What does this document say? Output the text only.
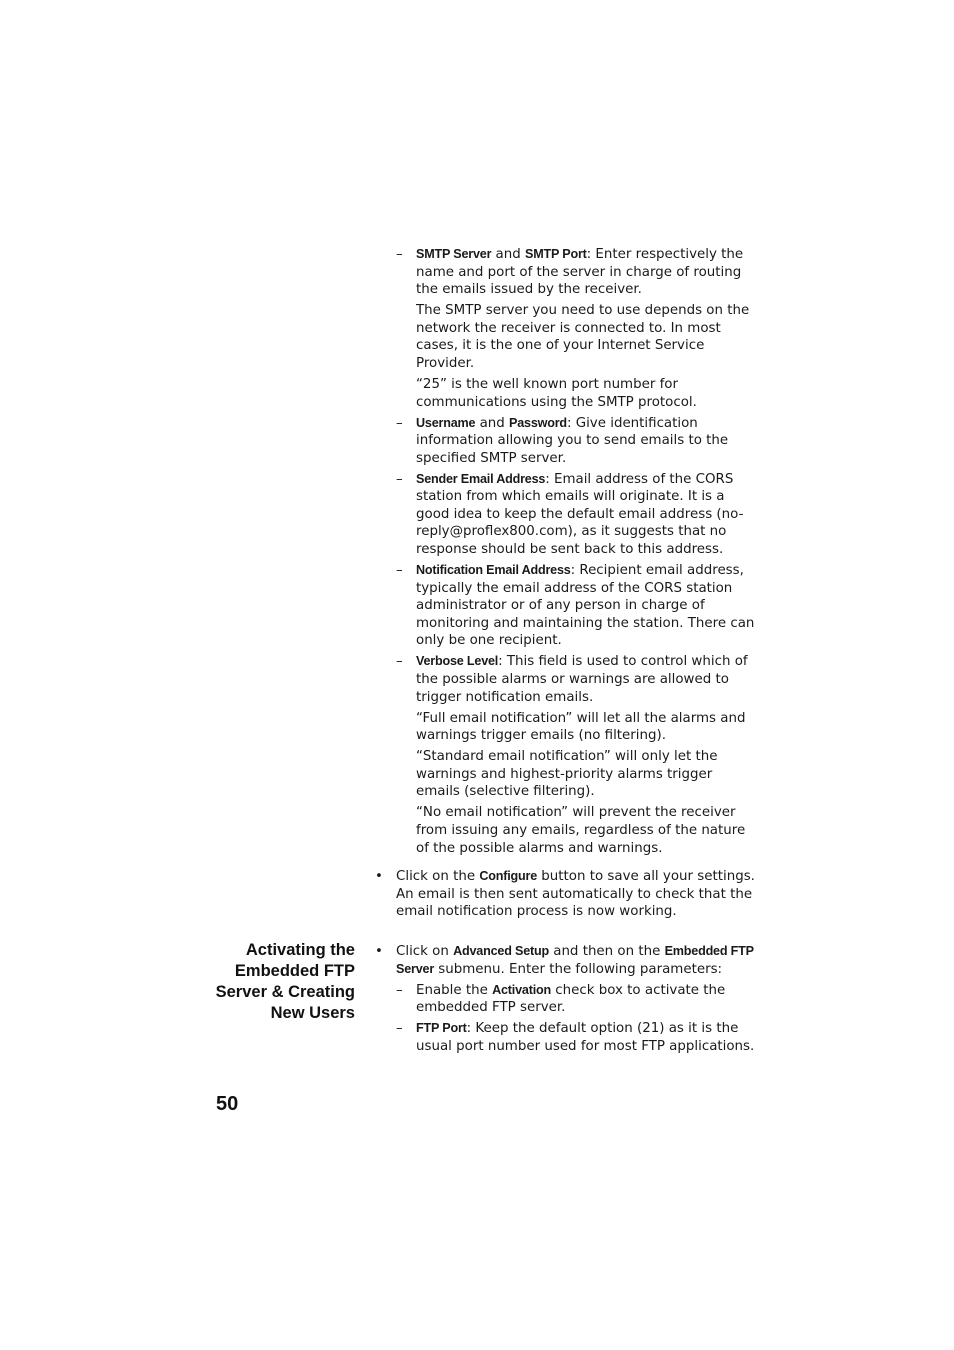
– SMTP Server and SMTP Port: Enter respectively the name and port of the server in charge of routing the emails issued by the receiver.

The SMTP server you need to use depends on the network the receiver is connected to. In most cases, it is the one of your Internet Service Provider.

“25” is the well known port number for communications using the SMTP protocol.

– Username and Password: Give identification information allowing you to send emails to the specified SMTP server.

– Sender Email Address: Email address of the CORS station from which emails will originate. It is a good idea to keep the default email address (no-reply@proflex800.com), as it suggests that no response should be sent back to this address.

– Notification Email Address: Recipient email address, typically the email address of the CORS station administrator or of any person in charge of monitoring and maintaining the station. There can only be one recipient.

– Verbose Level: This field is used to control which of the possible alarms or warnings are allowed to trigger notification emails.

“Full email notification” will let all the alarms and warnings trigger emails (no filtering).

“Standard email notification” will only let the warnings and highest-priority alarms trigger emails (selective filtering).

“No email notification” will prevent the receiver from issuing any emails, regardless of the nature of the possible alarms and warnings.

• Click on the Configure button to save all your settings. An email is then sent automatically to check that the email notification process is now working.

Activating the
Embedded FTP
Server & Creating
New Users

• Click on Advanced Setup and then on the Embedded FTP Server submenu. Enter the following parameters:

– Enable the Activation check box to activate the embedded FTP server.

– FTP Port: Keep the default option (21) as it is the usual port number used for most FTP applications.

50
